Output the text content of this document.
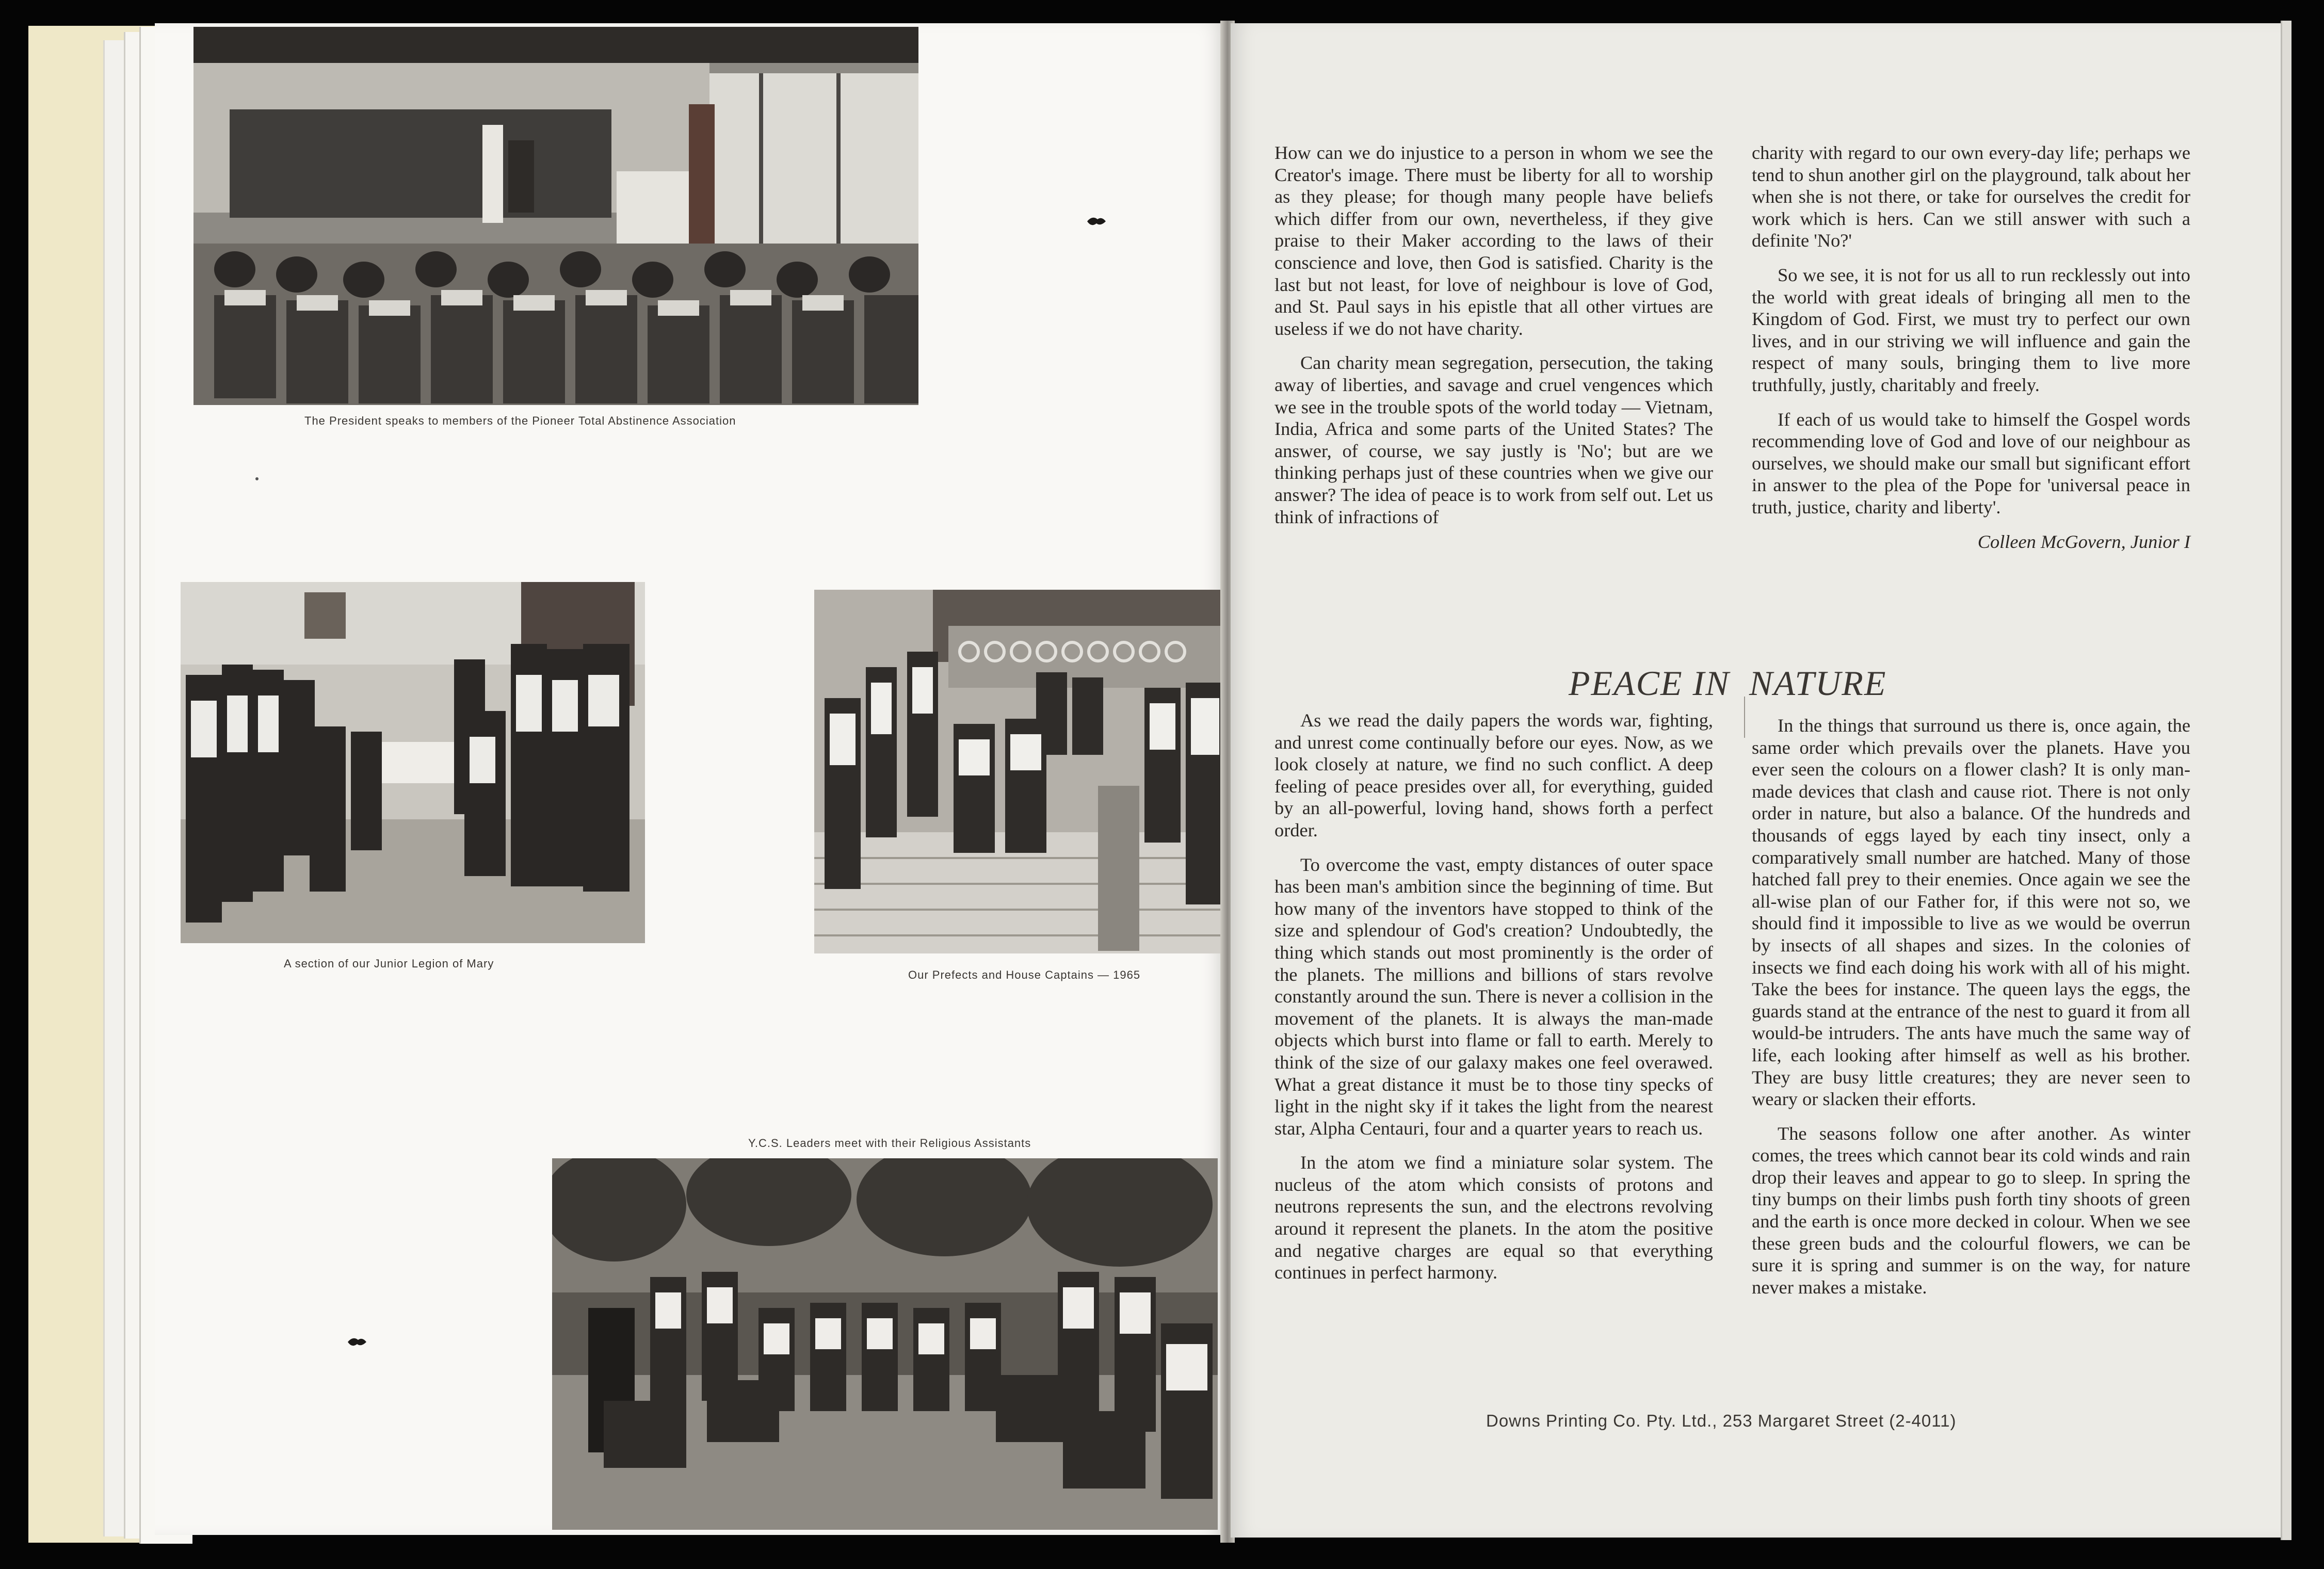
The President speaks to members of the Pioneer Total Abstinence Association
A section of our Junior Legion of Mary
Our Prefects and House Captains — 1965
Y.C.S. Leaders meet with their Religious Assistants

How can we do injustice to a person in whom we see the Creator's image. There must be liberty for all to worship as they please; for though many people have beliefs which differ from our own, nevertheless, if they give praise to their Maker according to the laws of their conscience and love, then God is satisfied. Charity is the last but not least, for love of neighbour is love of God, and St. Paul says in his epistle that all other virtues are useless if we do not have charity.

Can charity mean segregation, persecution, the taking away of liberties, and savage and cruel vengences which we see in the trouble spots of the world today — Vietnam, India, Africa and some parts of the United States? The answer, of course, we say justly is 'No'; but are we thinking perhaps just of these countries when we give our answer? The idea of peace is to work from self out. Let us think of infractions of

charity with regard to our own every-day life; perhaps we tend to shun another girl on the playground, talk about her when she is not there, or take for ourselves the credit for work which is hers. Can we still answer with such a definite 'No?'

So we see, it is not for us all to run recklessly out into the world with great ideals of bringing all men to the Kingdom of God. First, we must try to perfect our own lives, and in our striving we will influence and gain the respect of many souls, bringing them to live more truthfully, justly, charitably and freely.

If each of us would take to himself the Gospel words recommending love of God and love of our neighbour as ourselves, we should make our small but significant effort in answer to the plea of the Pope for 'universal peace in truth, justice, charity and liberty'.

Colleen McGovern, Junior I

PEACE IN NATURE

As we read the daily papers the words war, fighting, and unrest come continually before our eyes. Now, as we look closely at nature, we find no such conflict. A deep feeling of peace presides over all, for everything, guided by an all-powerful, loving hand, shows forth a perfect order.

To overcome the vast, empty distances of outer space has been man's ambition since the beginning of time. But how many of the inventors have stopped to think of the size and splendour of God's creation? Undoubtedly, the thing which stands out most prominently is the order of the planets. The millions and billions of stars revolve constantly around the sun. There is never a collision in the movement of the planets. It is always the man-made objects which burst into flame or fall to earth. Merely to think of the size of our galaxy makes one feel overawed. What a great distance it must be to those tiny specks of light in the night sky if it takes the light from the nearest star, Alpha Centauri, four and a quarter years to reach us.

In the atom we find a miniature solar system. The nucleus of the atom which consists of protons and neutrons represents the sun, and the electrons revolving around it represent the planets. In the atom the positive and negative charges are equal so that everything continues in perfect harmony.

In the things that surround us there is, once again, the same order which prevails over the planets. Have you ever seen the colours on a flower clash? It is only man-made devices that clash and cause riot. There is not only order in nature, but also a balance. Of the hundreds and thousands of eggs layed by each tiny insect, only a comparatively small number are hatched. Many of those hatched fall prey to their enemies. Once again we see the all-wise plan of our Father for, if this were not so, we should find it impossible to live as we would be overrun by insects of all shapes and sizes. In the colonies of insects we find each doing his work with all of his might. Take the bees for instance. The queen lays the eggs, the guards stand at the entrance of the nest to guard it from all would-be intruders. The ants have much the same way of life, each looking after himself as well as his brother. They are busy little creatures; they are never seen to weary or slacken their efforts.

The seasons follow one after another. As winter comes, the trees which cannot bear its cold winds and rain drop their leaves and appear to go to sleep. In spring the tiny bumps on their limbs push forth tiny shoots of green and the earth is once more decked in colour. When we see these green buds and the colourful flowers, we can be sure it is spring and summer is on the way, for nature never makes a mistake.

Downs Printing Co. Pty. Ltd., 253 Margaret Street (2-4011)
